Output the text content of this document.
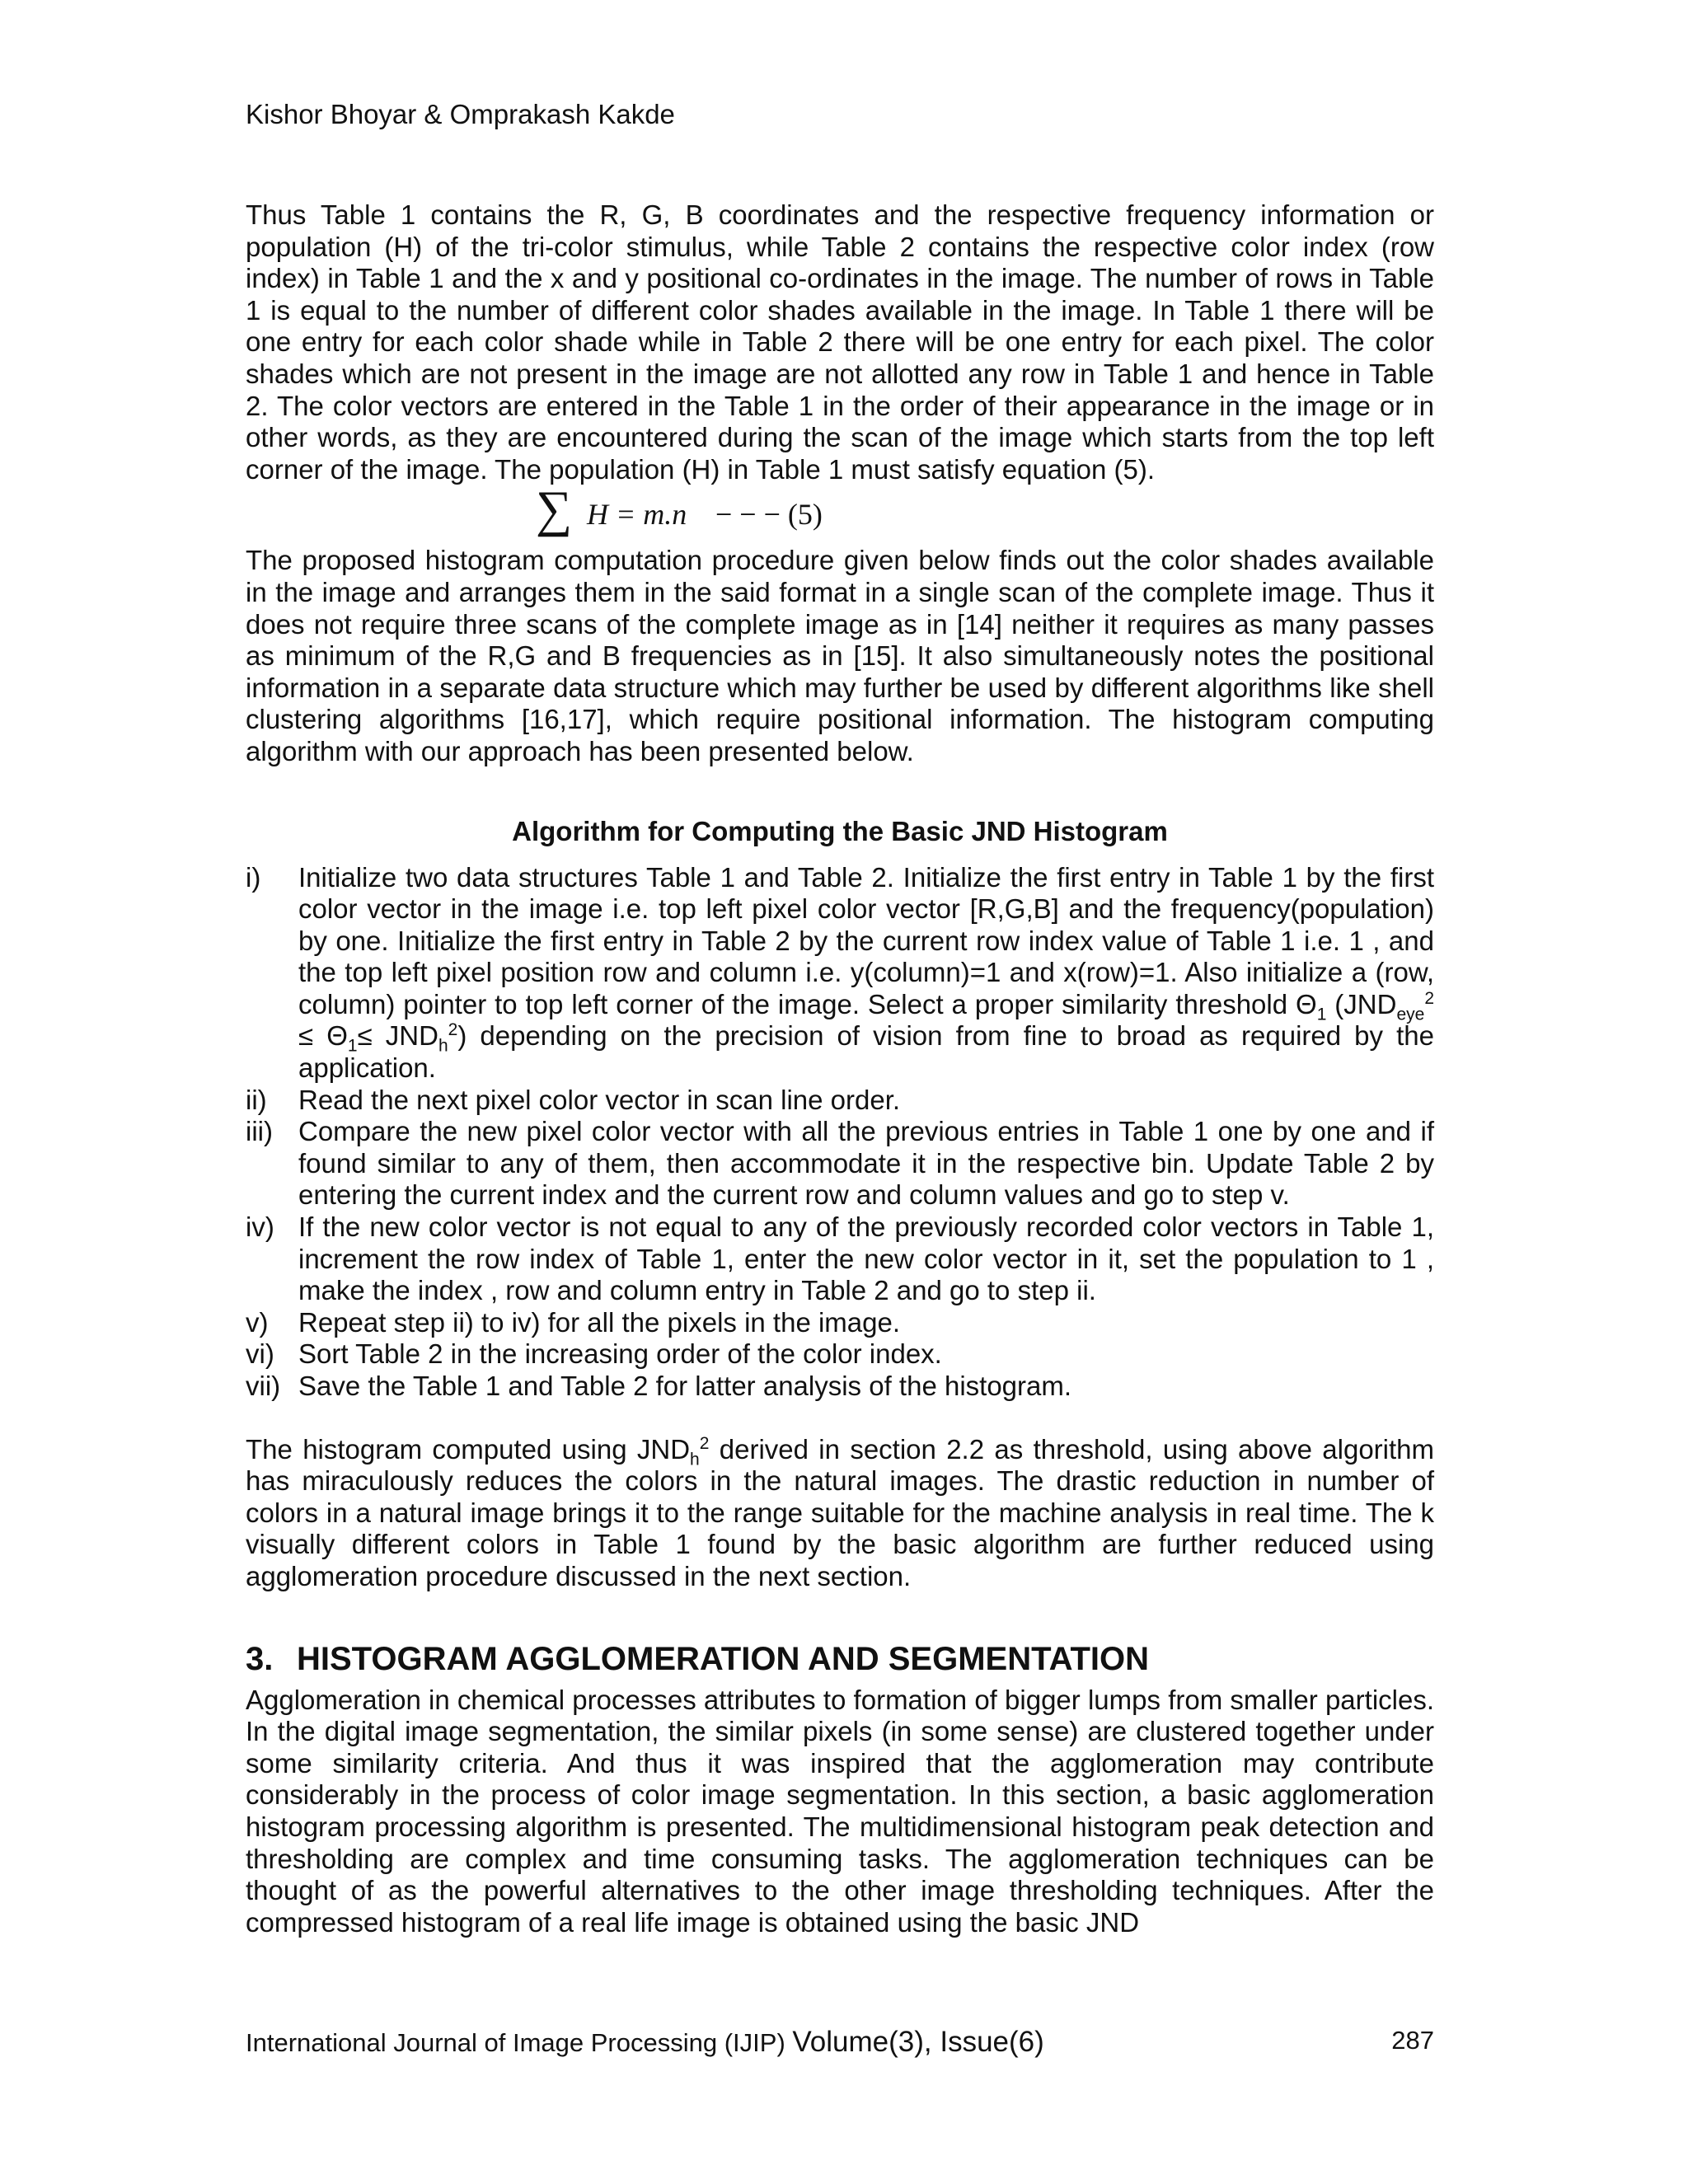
Kishor Bhoyar & Omprakash Kakde

Thus Table 1 contains the R, G, B coordinates and the respective frequency information or population (H) of the tri-color stimulus, while Table 2 contains the respective color index (row index) in Table 1 and the x and y positional co-ordinates in the image. The number of rows in Table 1 is equal to the number of different color shades available in the image. In Table 1 there will be one entry for each color shade while in Table 2 there will be one entry for each pixel. The color shades which are not present in the image are not allotted any row in Table 1 and hence in Table 2. The color vectors are entered in the Table 1 in the order of their appearance in the image or in other words, as they are encountered during the scan of the image which starts from the top left corner of the image. The population (H) in Table 1 must satisfy equation (5).

∑ H = m.n − − − (5)

The proposed histogram computation procedure given below finds out the color shades available in the image and arranges them in the said format in a single scan of the complete image. Thus it does not require three scans of the complete image as in [14] neither it requires as many passes as minimum of the R,G and B frequencies as in [15]. It also simultaneously notes the positional information in a separate data structure which may further be used by different algorithms like shell clustering algorithms [16,17], which require positional information. The histogram computing algorithm with our approach has been presented below.

Algorithm for Computing the Basic JND Histogram
i) Initialize two data structures Table 1 and Table 2. Initialize the first entry in Table 1 by the first color vector in the image i.e. top left pixel color vector [R,G,B] and the frequency(population) by one. Initialize the first entry in Table 2 by the current row index value of Table 1 i.e. 1 , and the top left pixel position row and column i.e. y(column)=1 and x(row)=1. Also initialize a (row, column) pointer to top left corner of the image. Select a proper similarity threshold $\Theta_1$ $(JND_{eye}^2 \le \Theta_1\le JND_h^2)$ depending on the precision of vision from fine to broad as required by the application.
ii) Read the next pixel color vector in scan line order.
iii) Compare the new pixel color vector with all the previous entries in Table 1 one by one and if found similar to any of them, then accommodate it in the respective bin. Update Table 2 by entering the current index and the current row and column values and go to step v.
iv) If the new color vector is not equal to any of the previously recorded color vectors in Table 1, increment the row index of Table 1, enter the new color vector in it, set the population to 1 , make the index , row and column entry in Table 2 and go to step ii.
v) Repeat step ii) to iv) for all the pixels in the image.
vi) Sort Table 2 in the increasing order of the color index.
vii) Save the Table 1 and Table 2 for latter analysis of the histogram.

The histogram computed using $JND_h^2$ derived in section 2.2 as threshold, using above algorithm has miraculously reduces the colors in the natural images. The drastic reduction in number of colors in a natural image brings it to the range suitable for the machine analysis in real time. The k visually different colors in Table 1 found by the basic algorithm are further reduced using agglomeration procedure discussed in the next section.

3. HISTOGRAM AGGLOMERATION AND SEGMENTATION

Agglomeration in chemical processes attributes to formation of bigger lumps from smaller particles. In the digital image segmentation, the similar pixels (in some sense) are clustered together under some similarity criteria. And thus it was inspired that the agglomeration may contribute considerably in the process of color image segmentation. In this section, a basic agglomeration histogram processing algorithm is presented. The multidimensional histogram peak detection and thresholding are complex and time consuming tasks. The agglomeration techniques can be thought of as the powerful alternatives to the other image thresholding techniques. After the compressed histogram of a real life image is obtained using the basic JND

International Journal of Image Processing (IJIP) Volume(3), Issue(6)	287
